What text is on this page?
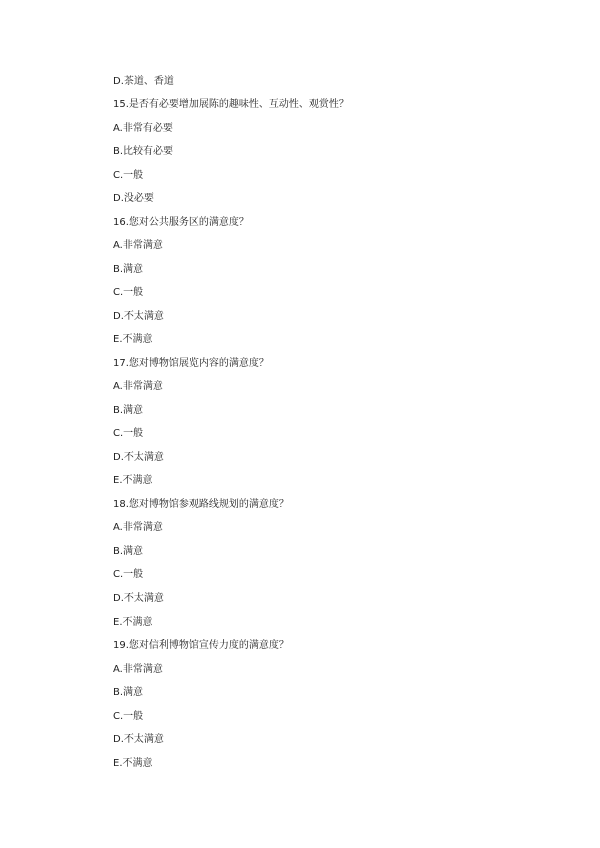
D.茶道、香道
15.是否有必要增加展陈的趣味性、互动性、观赏性？
A.非常有必要
B.比较有必要
C.一般
D.没必要
16.您对公共服务区的满意度？
A.非常满意
B.满意
C.一般
D.不太满意
E.不满意
17.您对博物馆展览内容的满意度？
A.非常满意
B.满意
C.一般
D.不太满意
E.不满意
18.您对博物馆参观路线规划的满意度？
A.非常满意
B.满意
C.一般
D.不太满意
E.不满意
19.您对信利博物馆宣传力度的满意度？
A.非常满意
B.满意
C.一般
D.不太满意
E.不满意
